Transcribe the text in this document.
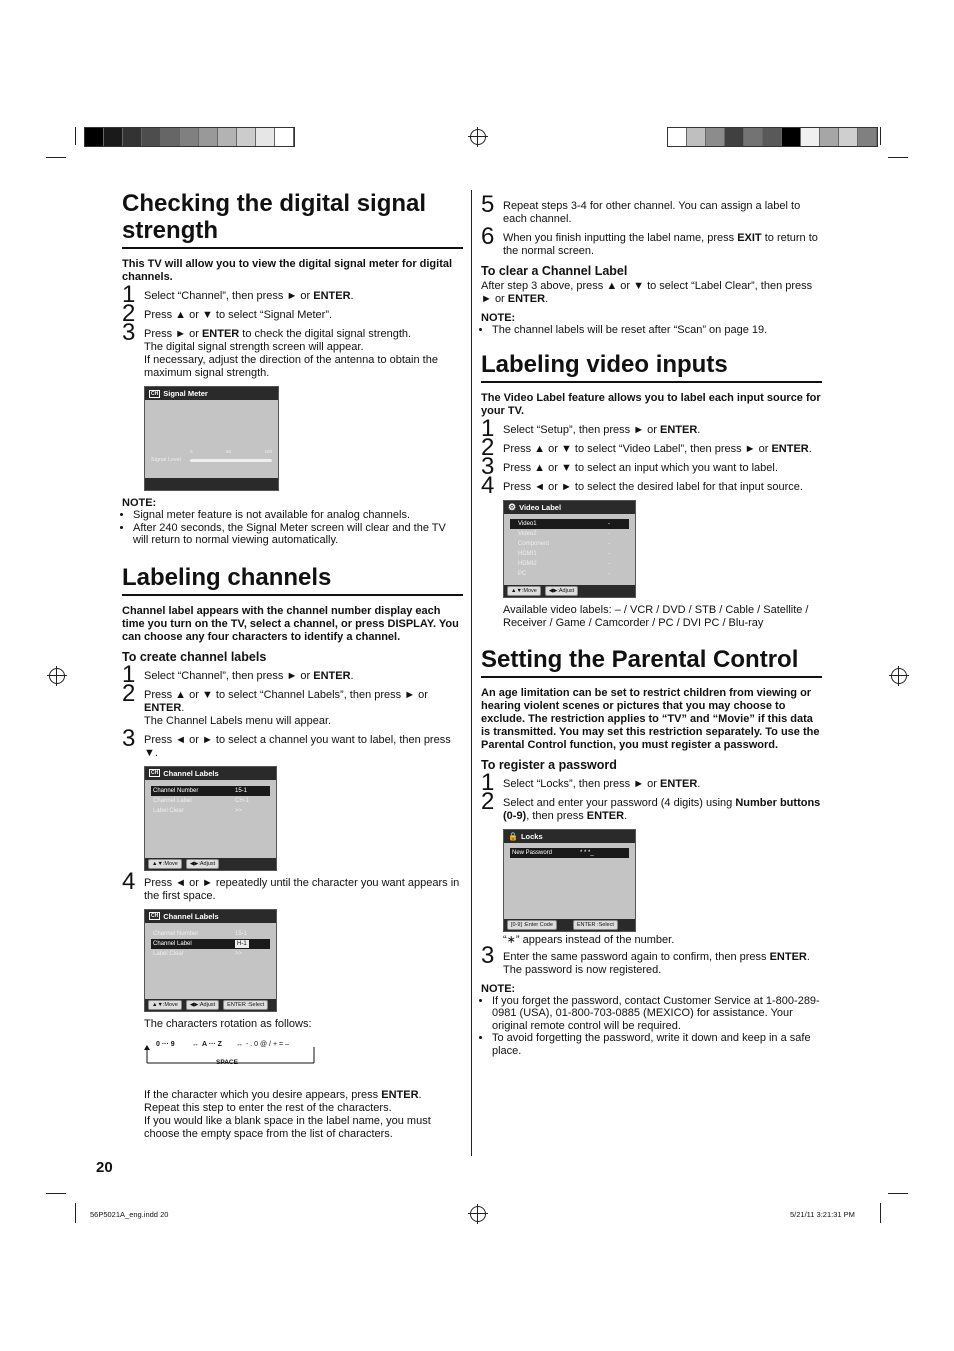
Checking the digital signal strength
This TV will allow you to view the digital signal meter for digital channels.
1 Select “Channel”, then press ► or ENTER.
2 Press ▲ or ▼ to select “Signal Meter”.
3 Press ► or ENTER to check the digital signal strength.
The digital signal strength screen will appear.
If necessary, adjust the direction of the antenna to obtain the maximum signal strength.
CH Signal Meter
0	50	100
Signal Level
NOTE:
• Signal meter feature is not available for analog channels.
• After 240 seconds, the Signal Meter screen will clear and the TV will return to normal viewing automatically.
Labeling channels
Channel label appears with the channel number display each time you turn on the TV, select a channel, or press DISPLAY. You can choose any four characters to identify a channel.
To create channel labels
1 Select “Channel”, then press ► or ENTER.
2 Press ▲ or ▼ to select “Channel Labels”, then press ► or ENTER.
The Channel Labels menu will appear.
3 Press ◄ or ► to select a channel you want to label, then press ▼.
CH Channel Labels
Channel Number	15-1
Channel Label	CH-1
Label Clear	>>
▲▼:Move	◀▶:Adjust
4 Press ◄ or ► repeatedly until the character you want appears in the first space.
CH Channel Labels
Channel Number	15-1
Channel Label	H-1
Label Clear	>>
▲▼:Move	◀▶:Adjust	ENTER :Select
The characters rotation as follows:
0 ··· 9 ↔ A ··· Z ↔ - . 0 @ / + = –
SPACE
If the character which you desire appears, press ENTER.
Repeat this step to enter the rest of the characters.
If you would like a blank space in the label name, you must choose the empty space from the list of characters.
20
5 Repeat steps 3-4 for other channel. You can assign a label to each channel.
6 When you finish inputting the label name, press EXIT to return to the normal screen.
To clear a Channel Label
After step 3 above, press ▲ or ▼ to select “Label Clear”, then press ► or ENTER.
NOTE:
• The channel labels will be reset after “Scan” on page 19.
Labeling video inputs
The Video Label feature allows you to label each input source for your TV.
1 Select “Setup”, then press ► or ENTER.
2 Press ▲ or ▼ to select “Video Label”, then press ► or ENTER.
3 Press ▲ or ▼ to select an input which you want to label.
4 Press ◄ or ► to select the desired label for that input source.
⚙ Video Label
Video1	-
Video2	-
Component	-
HDMI1	-
HDMI2	-
PC	-
▲▼:Move	◀▶:Adjust
Available video labels: – / VCR / DVD / STB / Cable / Satellite / Receiver / Game / Camcorder / PC / DVI PC / Blu-ray
Setting the Parental Control
An age limitation can be set to restrict children from viewing or hearing violent scenes or pictures that you may choose to exclude. The restriction applies to “TV” and “Movie” if this data is transmitted. You may set this restriction separately. To use the Parental Control function, you must register a password.
To register a password
1 Select “Locks”, then press ► or ENTER.
2 Select and enter your password (4 digits) using Number buttons (0-9), then press ENTER.
🔒 Locks
New Password	* * *_
[0-9] :Enter Code	ENTER :Select
“∗” appears instead of the number.
3 Enter the same password again to confirm, then press ENTER.
The password is now registered.
NOTE:
• If you forget the password, contact Customer Service at 1-800-289-0981 (USA), 01-800-703-0885 (MEXICO) for assistance. Your original remote control will be required.
• To avoid forgetting the password, write it down and keep in a safe place.
56P5021A_eng.indd 20	5/21/11 3:21:31 PM
